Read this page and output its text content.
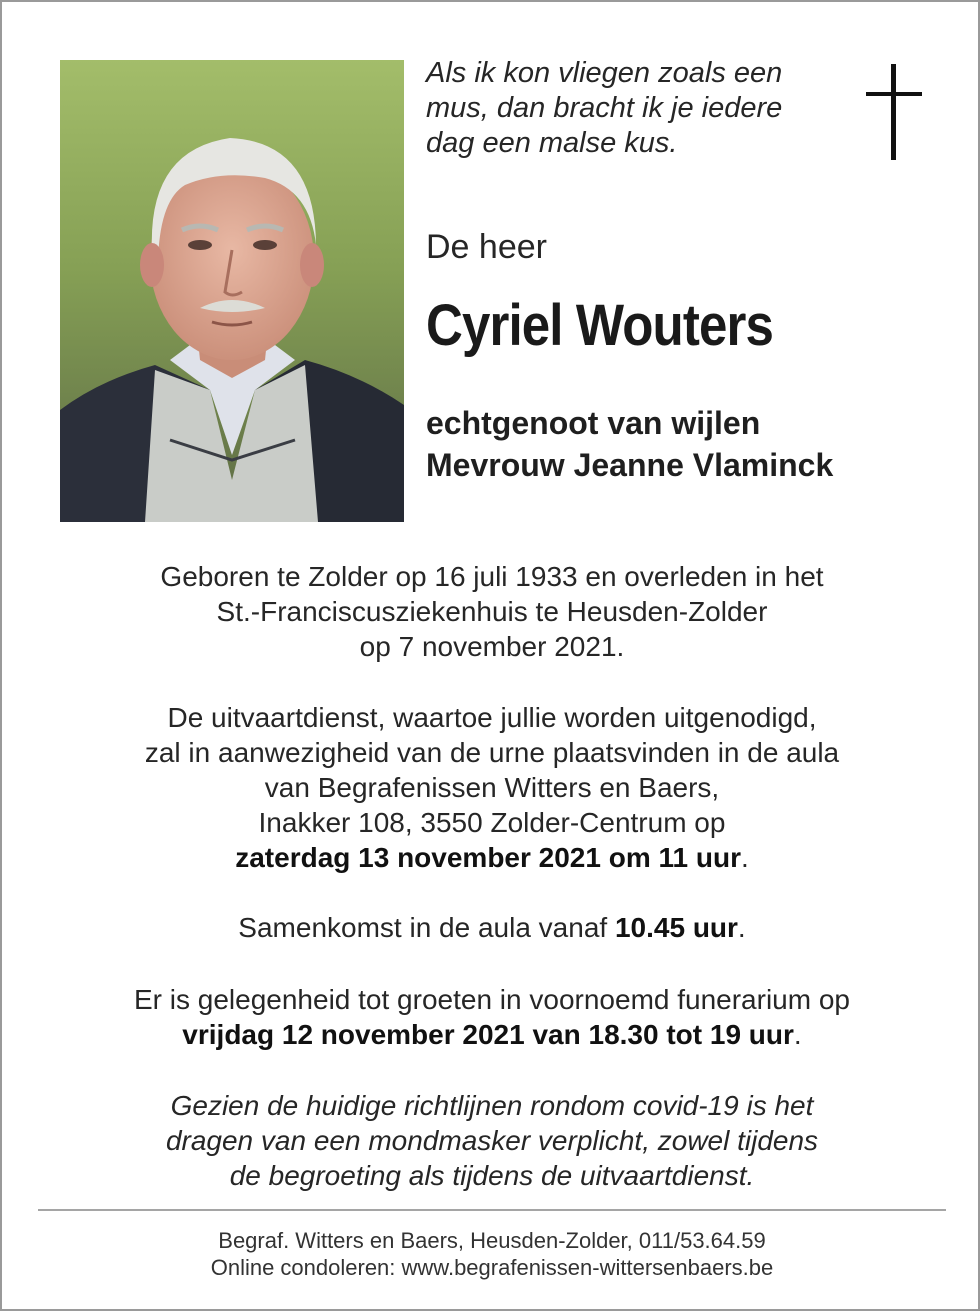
Als ik kon vliegen zoals een
mus, dan bracht ik je iedere
dag een malse kus.
De heer
Cyriel Wouters
echtgenoot van wijlen
Mevrouw Jeanne Vlaminck
Geboren te Zolder op 16 juli 1933 en overleden in het
St.-Franciscusziekenhuis te Heusden-Zolder
op 7 november 2021.
De uitvaartdienst, waartoe jullie worden uitgenodigd,
zal in aanwezigheid van de urne plaatsvinden in de aula
van Begrafenissen Witters en Baers,
Inakker 108, 3550 Zolder-Centrum op
zaterdag 13 november 2021 om 11 uur.
Samenkomst in de aula vanaf 10.45 uur.
Er is gelegenheid tot groeten in voornoemd funerarium op
vrijdag 12 november 2021 van 18.30 tot 19 uur.
Gezien de huidige richtlijnen rondom covid-19 is het
dragen van een mondmasker verplicht, zowel tijdens
de begroeting als tijdens de uitvaartdienst.
Begraf. Witters en Baers, Heusden-Zolder, 011/53.64.59
Online condoleren: www.begrafenissen-wittersenbaers.be
